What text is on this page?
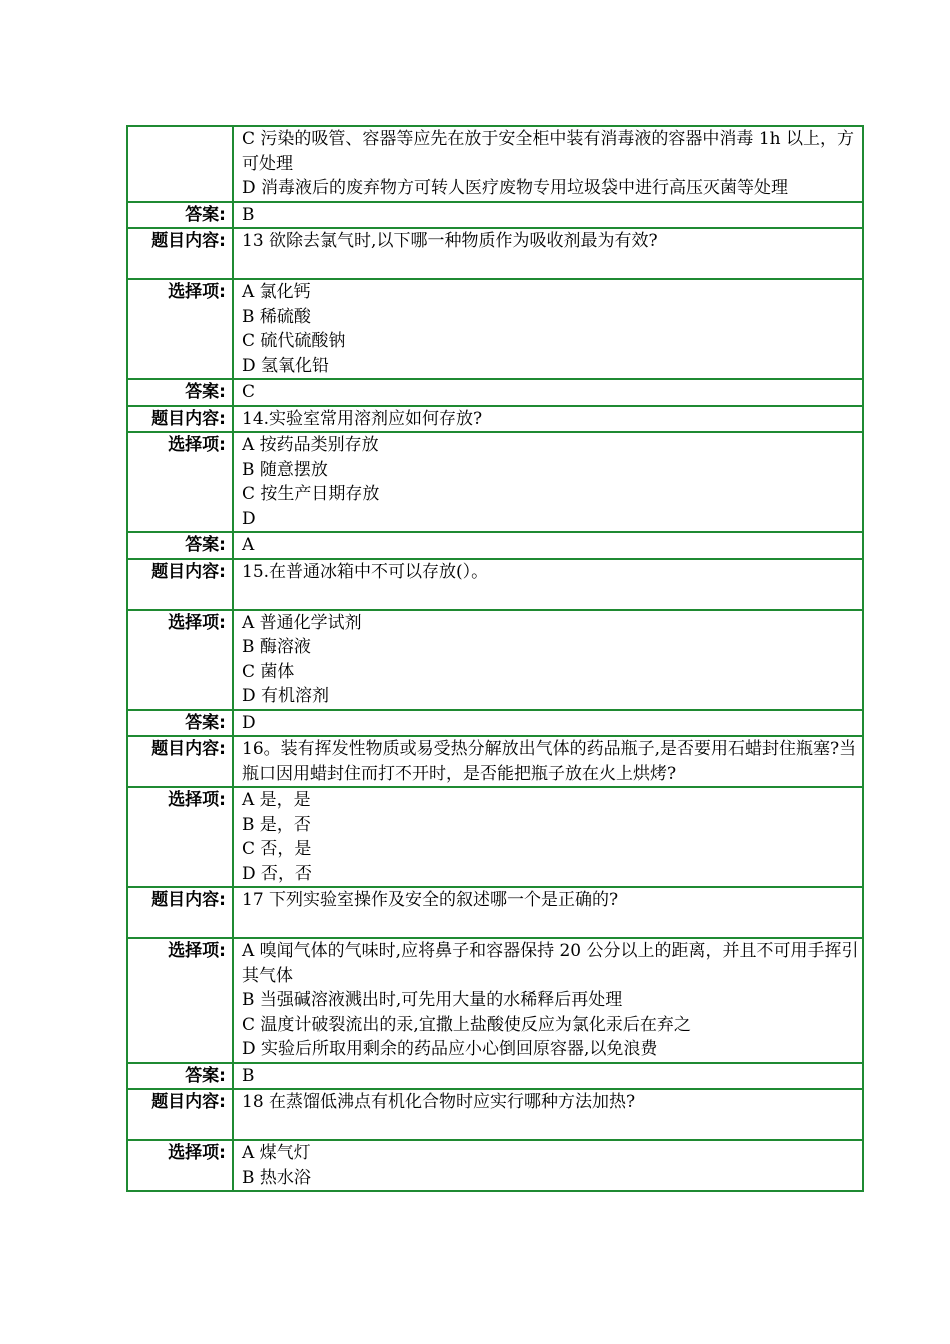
	C 污染的吸管、容器等应先在放于安全柜中装有消毒液的容器中消毒 1h 以上，方可处理
D 消毒液后的废弃物方可转人医疗废物专用垃圾袋中进行高压灭菌等处理

答案:	B
题目内容:	13 欲除去氯气时,以下哪一种物质作为吸收剂最为有效?
选择项:	A 氯化钙
B 稀硫酸
C 硫代硫酸钠
D 氢氧化铅

答案:	C
题目内容:	14.实验室常用溶剂应如何存放?
选择项:	A 按药品类别存放
B 随意摆放
C 按生产日期存放
D

答案:	A
题目内容:	15.在普通冰箱中不可以存放(）。
选择项:	A 普通化学试剂
B 酶溶液
C 菌体
D 有机溶剂

答案:	D
题目内容:	16。装有挥发性物质或易受热分解放出气体的药品瓶子,是否要用石蜡封住瓶塞?当瓶口因用蜡封住而打不开时，是否能把瓶子放在火上烘烤?

选择项:	A 是，是
B 是，否
C 否，是
D 否，否

题目内容:	17 下列实验室操作及安全的叙述哪一个是正确的?
选择项:	A 嗅闻气体的气味时,应将鼻子和容器保持 20 公分以上的距离，并且不可用手挥引其气体
B 当强碱溶液溅出时,可先用大量的水稀释后再处理
C 温度计破裂流出的汞,宜撒上盐酸使反应为氯化汞后在弃之
D 实验后所取用剩余的药品应小心倒回原容器,以免浪费

答案:	B
题目内容:	18 在蒸馏低沸点有机化合物时应实行哪种方法加热?
选择项:	A 煤气灯
B 热水浴
